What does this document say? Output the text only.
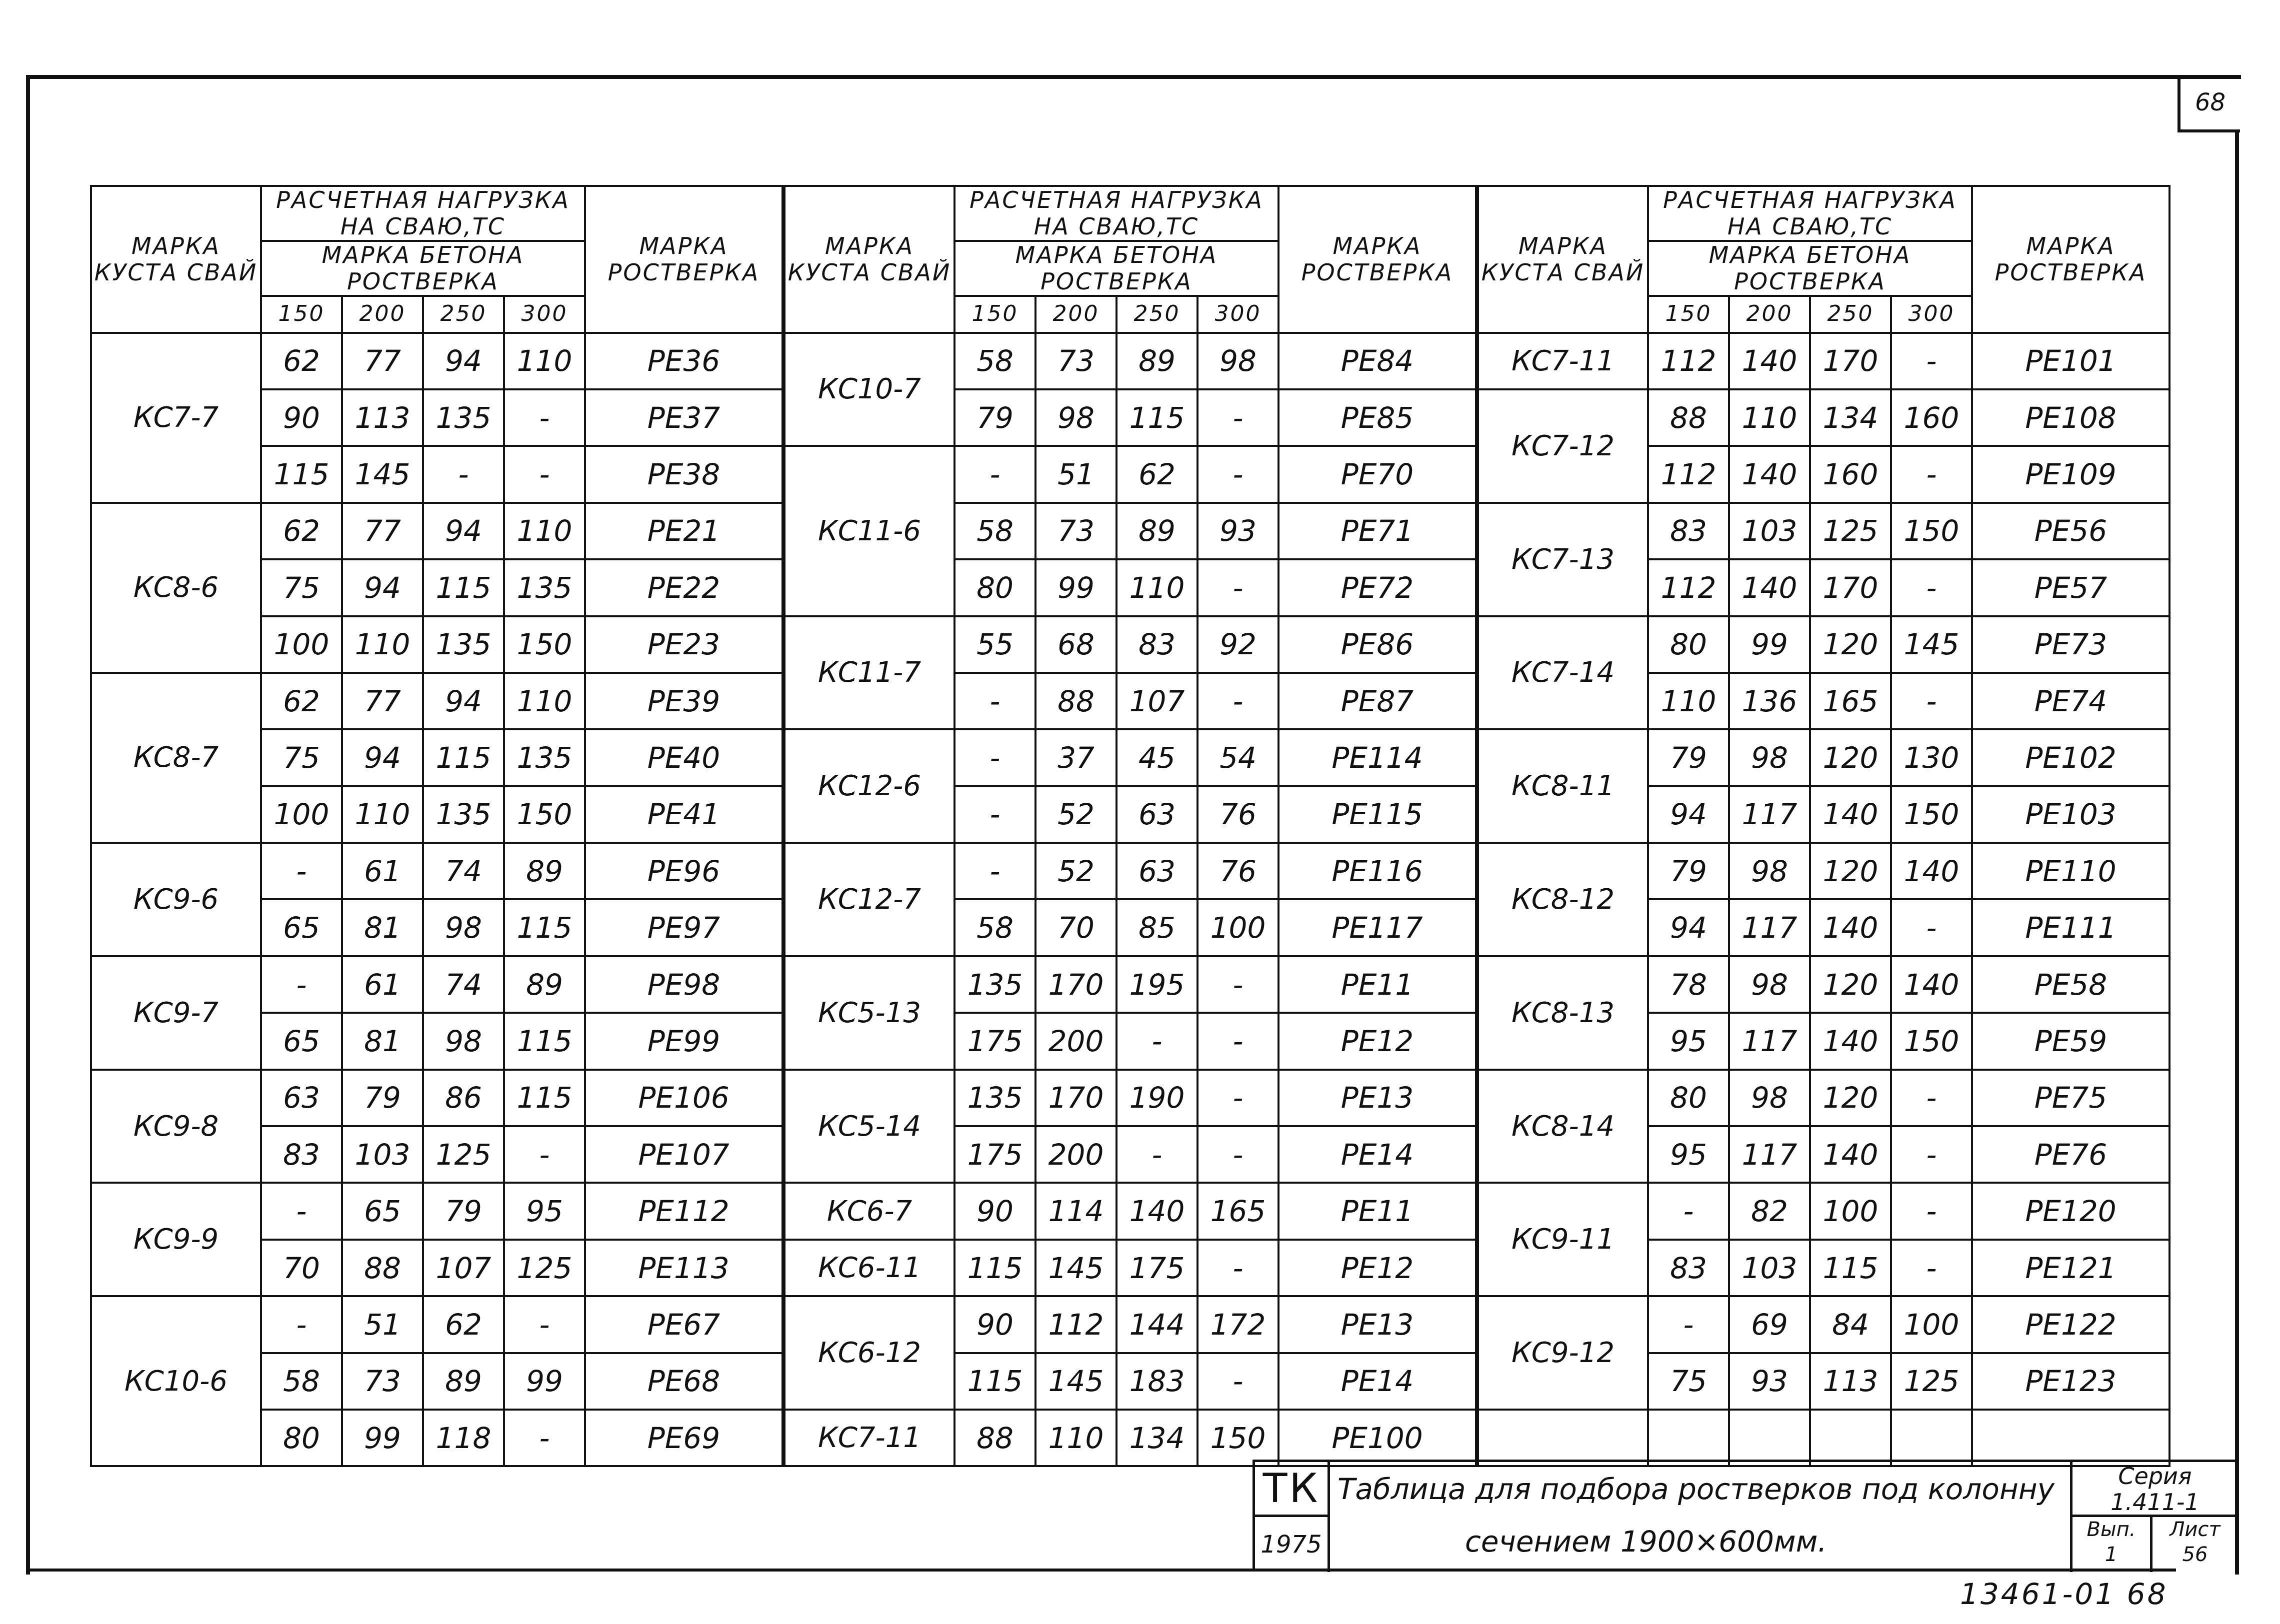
68
МАРКА КУСТА СВАЙ	РАСЧЕТНАЯ НАГРУЗКА НА СВАЮ,ТС				МАРКА РОСТВЕРКА
	МАРКА БЕТОНА РОСТВЕРКА				
	150	200	250	300	
КС7-7	62	77	94	110	РЕ36
	90	113	135	-	РЕ37
	115	145	-	-	РЕ38
КС8-6	62	77	94	110	РЕ21
	75	94	115	135	РЕ22
	100	110	135	150	РЕ23
КС8-7	62	77	94	110	РЕ39
	75	94	115	135	РЕ40
	100	110	135	150	РЕ41
КС9-6	-	61	74	89	РЕ96
	65	81	98	115	РЕ97
КС9-7	-	61	74	89	РЕ98
	65	81	98	115	РЕ99
КС9-8	63	79	86	115	РЕ106
	83	103	125	-	РЕ107
КС9-9	-	65	79	95	РЕ112
	70	88	107	125	РЕ113
КС10-6	-	51	62	-	РЕ67
	58	73	89	99	РЕ68
	80	99	118	-	РЕ69
МАРКА КУСТА СВАЙ	РАСЧЕТНАЯ НАГРУЗКА НА СВАЮ,ТС				МАРКА РОСТВЕРКА
	МАРКА БЕТОНА РОСТВЕРКА				
	150	200	250	300	
КС10-7	58	73	89	98	РЕ84
	79	98	115	-	РЕ85
КС11-6	-	51	62	-	РЕ70
	58	73	89	93	РЕ71
	80	99	110	-	РЕ72
КС11-7	55	68	83	92	РЕ86
	-	88	107	-	РЕ87
КС12-6	-	37	45	54	РЕ114
	-	52	63	76	РЕ115
КС12-7	-	52	63	76	РЕ116
	58	70	85	100	РЕ117
КС5-13	135	170	195	-	РЕ11
	175	200	-	-	РЕ12
КС5-14	135	170	190	-	РЕ13
	175	200	-	-	РЕ14
КС6-7	90	114	140	165	РЕ11
КС6-11	115	145	175	-	РЕ12
КС6-12	90	112	144	172	РЕ13
	115	145	183	-	РЕ14
КС7-11	88	110	134	150	РЕ100
МАРКА КУСТА СВАЙ	РАСЧЕТНАЯ НАГРУЗКА НА СВАЮ,ТС				МАРКА РОСТВЕРКА
	МАРКА БЕТОНА РОСТВЕРКА				
	150	200	250	300	
КС7-11	112	140	170	-	РЕ101
КС7-12	88	110	134	160	РЕ108
	112	140	160	-	РЕ109
КС7-13	83	103	125	150	РЕ56
	112	140	170	-	РЕ57
КС7-14	80	99	120	145	РЕ73
	110	136	165	-	РЕ74
КС8-11	79	98	120	130	РЕ102
	94	117	140	150	РЕ103
КС8-12	79	98	120	140	РЕ110
	94	117	140	-	РЕ111
КС8-13	78	98	120	140	РЕ58
	95	117	140	150	РЕ59
КС8-14	80	98	120	-	РЕ75
	95	117	140	-	РЕ76
КС9-11	-	82	100	-	РЕ120
	83	103	115	-	РЕ121
КС9-12	-	69	84	100	РЕ122
	75	93	113	125	РЕ123

ТК
1975
Таблица для подбора ростверков под колонну
сечением 1900×600мм.
Серия
1.411-1
Вып.
1
Лист
56
13461-01 68
